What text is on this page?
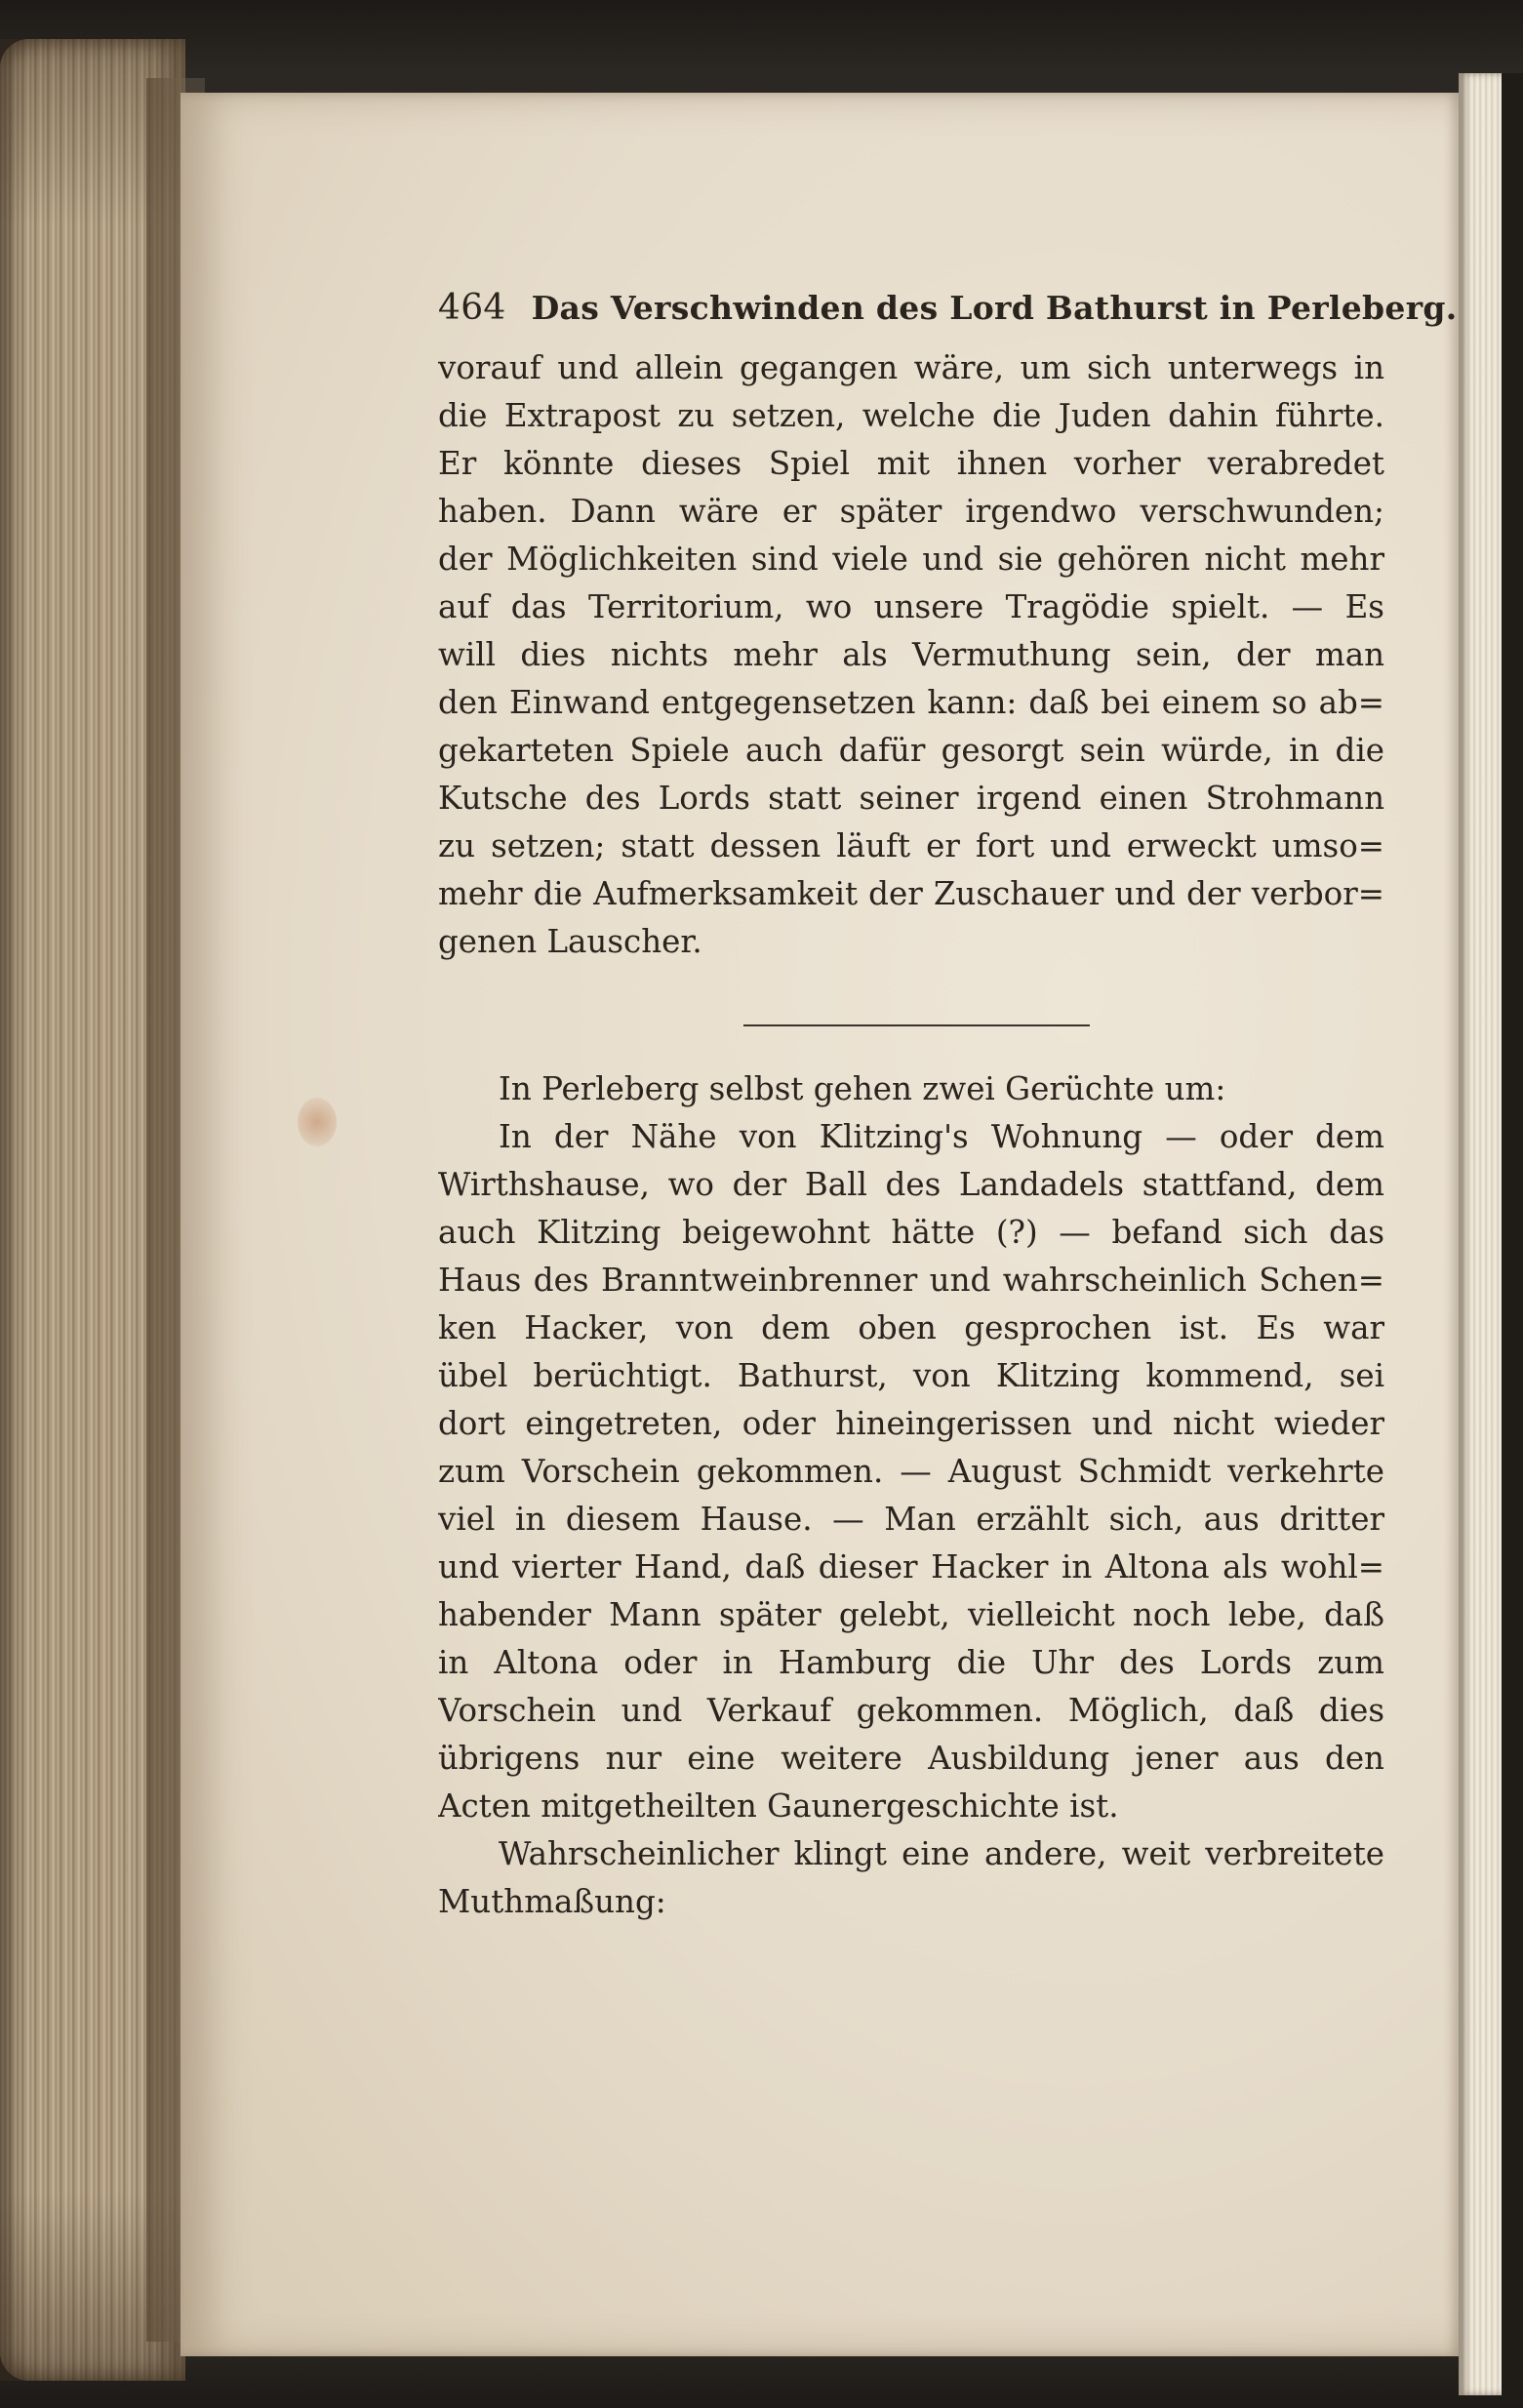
464 Das Verschwinden des Lord Bathurst in Perleberg.
vorauf und allein gegangen wäre, um sich unterwegs in
die Extrapost zu setzen, welche die Juden dahin führte.
Er könnte dieses Spiel mit ihnen vorher verabredet
haben. Dann wäre er später irgendwo verschwunden;
der Möglichkeiten sind viele und sie gehören nicht mehr
auf das Territorium, wo unsere Tragödie spielt. — Es
will dies nichts mehr als Vermuthung sein, der man
den Einwand entgegensetzen kann: daß bei einem so ab=
gekarteten Spiele auch dafür gesorgt sein würde, in die
Kutsche des Lords statt seiner irgend einen Strohmann
zu setzen; statt dessen läuft er fort und erweckt umso=
mehr die Aufmerksamkeit der Zuschauer und der verbor=
genen Lauscher.
In Perleberg selbst gehen zwei Gerüchte um:
In der Nähe von Klitzing's Wohnung — oder dem
Wirthshause, wo der Ball des Landadels stattfand, dem
auch Klitzing beigewohnt hätte (?) — befand sich das
Haus des Branntweinbrenner und wahrscheinlich Schen=
ken Hacker, von dem oben gesprochen ist. Es war
übel berüchtigt. Bathurst, von Klitzing kommend, sei
dort eingetreten, oder hineingerissen und nicht wieder
zum Vorschein gekommen. — August Schmidt verkehrte
viel in diesem Hause. — Man erzählt sich, aus dritter
und vierter Hand, daß dieser Hacker in Altona als wohl=
habender Mann später gelebt, vielleicht noch lebe, daß
in Altona oder in Hamburg die Uhr des Lords zum
Vorschein und Verkauf gekommen. Möglich, daß dies
übrigens nur eine weitere Ausbildung jener aus den
Acten mitgetheilten Gaunergeschichte ist.
Wahrscheinlicher klingt eine andere, weit verbreitete
Muthmaßung:
